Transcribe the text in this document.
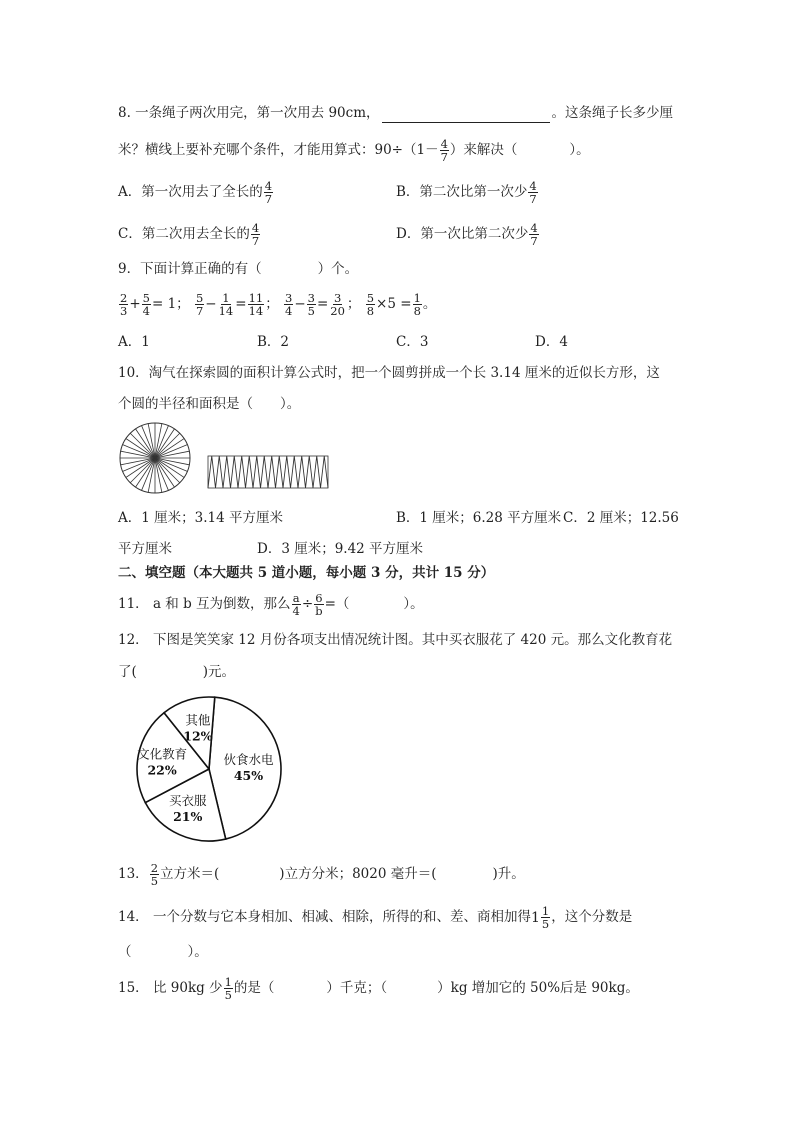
8. 一条绳子两次用完，第一次用去 90cm，	。这条绳子长多少厘
米？横线上要补充哪个条件，才能用算式：$90\div(1- \frac{4}{7}$ ）来解决（	）。
A．第一次用去了全长的 $\frac{4}{7}$	B．第二次比第一次少 $\frac{4}{7}$
C．第二次用去全长的 $\frac{4}{7}$	D．第一次比第二次少 $\frac{4}{7}$
9．下面计算正确的有（	）个。
$\frac{2}{3} + \frac{5}{4} = 1$； $\frac{5}{7} - \frac{1}{14} = \frac{11}{14}$ ； $\frac{3}{4} - \frac{3}{5} = \frac{3}{20}$ ； $\frac{5}{8} \times 5 = \frac{1}{8}$ 。
A．1	B．2	C．3	D．4
10．淘气在探索圆的面积计算公式时，把一个圆剪拼成一个长 3.14 厘米的近似长方形，这
个圆的半径和面积是（　　）。
A．1 厘米；3.14 平方厘米	B．1 厘米；6.28 平方厘米 C．2 厘米；12.56
平方厘米	D．3 厘米；9.42 平方厘米
二、填空题（本大题共 5 道小题，每小题 3 分，共计 15 分）
11． a 和 b 互为倒数，那么 $\frac{a}{4} \div \frac{6}{b}$ =（	）。
12． 下图是笑笑家 12 月份各项支出情况统计图。其中买衣服花了 420 元。那么文化教育花
了(	)元。
伙食水电
45%
买衣服
21%
文化教育
22%
其他
12%
13． $\frac{2}{5}$ 立方米＝(	)立方分米；8020 毫升＝(	)升。
14． 一个分数与它本身相加、相减、相除，所得的和、差、商相加得 $1 \frac{1}{5}$ ，这个分数是
（	）。
15． 比 90kg 少 $\frac{1}{5}$ 的是（	）千克；（	）kg 增加它的 50%后是 90kg。
